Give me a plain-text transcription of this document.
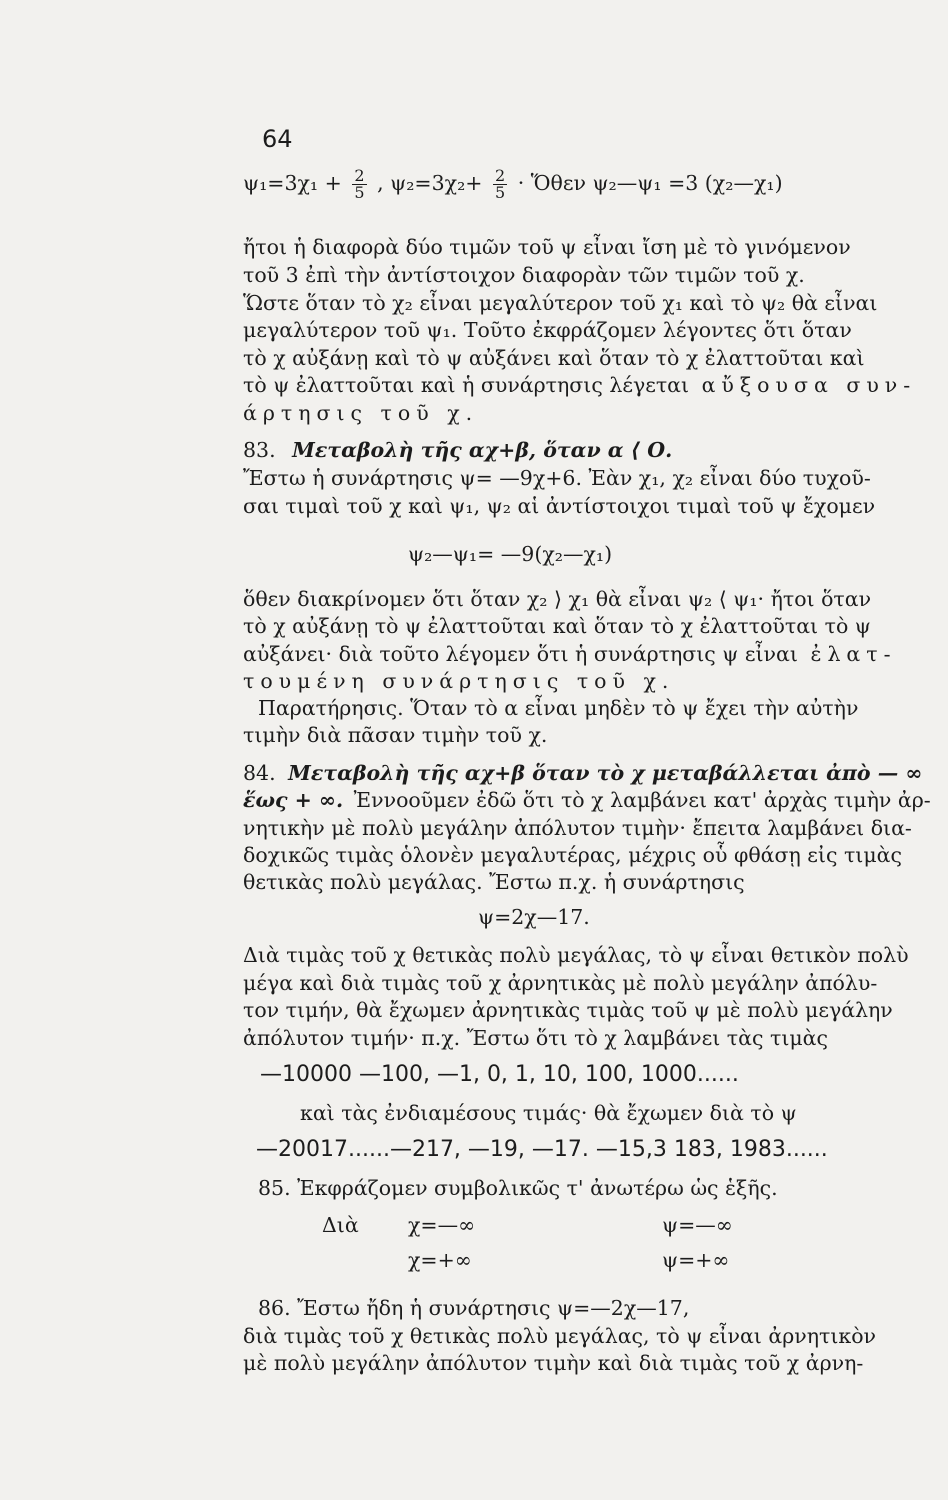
64
$\psi_1=3\chi_1 + \frac{2}{5}$ , $\psi_2=3\chi_2+ \frac{2}{5}$ · Ὅθεν ψ₂—ψ₁ =3 (χ₂—χ₁)
ἤτοι ἡ διαφορὰ δύο τιμῶν τοῦ ψ εἶναι ἴση μὲ τὸ γινόμενον
τοῦ 3 ἐπὶ τὴν ἀντίστοιχον διαφορὰν τῶν τιμῶν τοῦ χ.
Ὥστε ὅταν τὸ χ₂ εἶναι μεγαλύτερον τοῦ χ₁ καὶ τὸ ψ₂ θὰ εἶναι
μεγαλύτερον τοῦ ψ₁. Τοῦτο ἐκφράζομεν λέγοντες ὅτι ὅταν
τὸ χ αὐξάνῃ καὶ τὸ ψ αὐξάνει καὶ ὅταν τὸ χ ἐλαττοῦται καὶ
τὸ ψ ἐλαττοῦται καὶ ἡ συνάρτησις λέγεται αὔξουσα συν-
άρτησις τοῦ χ.
83. Μεταβολὴ τῆς αχ+β, ὅταν α ⟨ Ο.
Ἔστω ἡ συνάρτησις ψ= —9χ+6. Ἐὰν χ₁, χ₂ εἶναι δύο τυχοῦ-
σαι τιμαὶ τοῦ χ καὶ ψ₁, ψ₂ αἱ ἀντίστοιχοι τιμαὶ τοῦ ψ ἔχομεν
ψ₂—ψ₁= —9(χ₂—χ₁)
ὅθεν διακρίνομεν ὅτι ὅταν χ₂ ⟩ χ₁ θὰ εἶναι ψ₂ ⟨ ψ₁· ἤτοι ὅταν
τὸ χ αὐξάνῃ τὸ ψ ἐλαττοῦται καὶ ὅταν τὸ χ ἐλαττοῦται τὸ ψ
αὐξάνει· διὰ τοῦτο λέγομεν ὅτι ἡ συνάρτησις ψ εἶναι ἐλατ-
τουμένη συνάρτησις τοῦ χ.
Παρατήρησις. Ὅταν τὸ α εἶναι μηδὲν τὸ ψ ἔχει τὴν αὐτὴν
τιμὴν διὰ πᾶσαν τιμὴν τοῦ χ.
84. Μεταβολὴ τῆς αχ+β ὅταν τὸ χ μεταβάλλεται ἀπὸ — ∞
ἕως + ∞. Ἐννοοῦμεν ἐδῶ ὅτι τὸ χ λαμβάνει κατ' ἀρχὰς τιμὴν ἀρ-
νητικὴν μὲ πολὺ μεγάλην ἀπόλυτον τιμὴν· ἔπειτα λαμβάνει δια-
δοχικῶς τιμὰς ὁλονὲν μεγαλυτέρας, μέχρις οὗ φθάσῃ εἰς τιμὰς
θετικὰς πολὺ μεγάλας. Ἔστω π.χ. ἡ συνάρτησις
ψ=2χ—17.
Διὰ τιμὰς τοῦ χ θετικὰς πολὺ μεγάλας, τὸ ψ εἶναι θετικὸν πολὺ
μέγα καὶ διὰ τιμὰς τοῦ χ ἀρνητικὰς μὲ πολὺ μεγάλην ἀπόλυ-
τον τιμήν, θὰ ἔχωμεν ἀρνητικὰς τιμὰς τοῦ ψ μὲ πολὺ μεγάλην
ἀπόλυτον τιμήν· π.χ. Ἔστω ὅτι τὸ χ λαμβάνει τὰς τιμὰς
—10000 —100, —1, 0, 1, 10, 100, 1000......
καὶ τὰς ἐνδιαμέσους τιμάς· θὰ ἔχωμεν διὰ τὸ ψ
—20017......—217, —19, —17. —15,3 183, 1983......
85. Ἐκφράζομεν συμβολικῶς τ' ἀνωτέρω ὡς ἑξῆς.
Διὰ	χ=—∞	ψ=—∞
χ=+∞	ψ=+∞
86. Ἔστω ἤδη ἡ συνάρτησις ψ=—2χ—17,
διὰ τιμὰς τοῦ χ θετικὰς πολὺ μεγάλας, τὸ ψ εἶναι ἀρνητικὸν
μὲ πολὺ μεγάλην ἀπόλυτον τιμὴν καὶ διὰ τιμὰς τοῦ χ ἀρνη-
